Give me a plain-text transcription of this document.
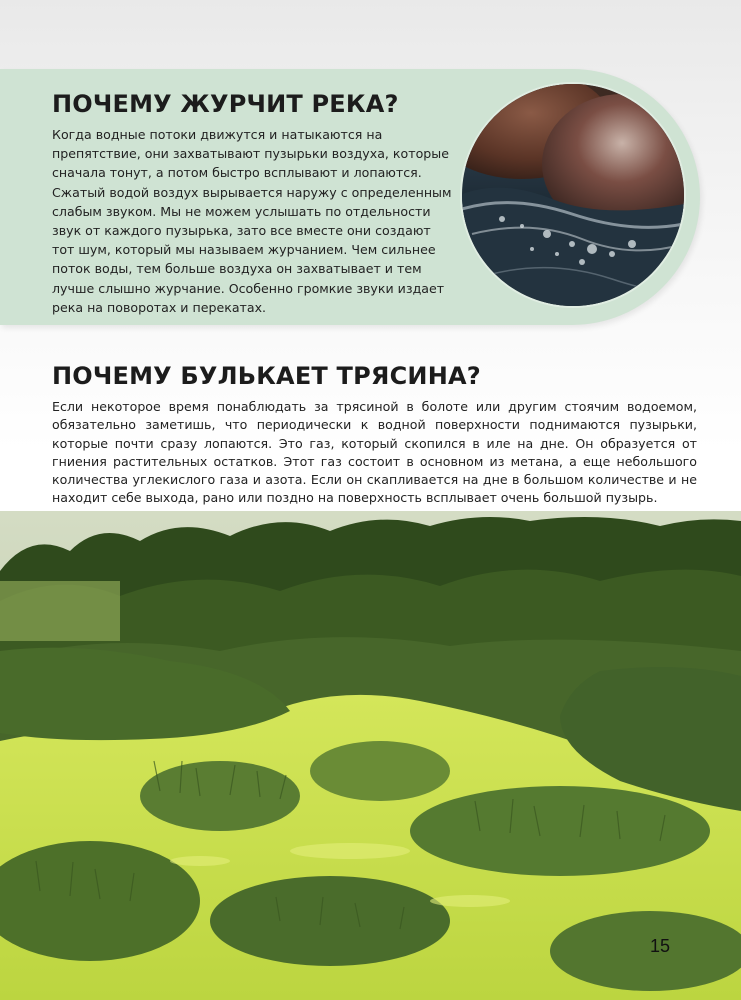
ПОЧЕМУ ЖУРЧИТ РЕКА?

Когда водные потоки движутся и натыкаются на препятствие, они захватывают пузырьки воздуха, которые сначала тонут, а потом быстро всплывают и лопаются. Сжатый водой воздух вырывается наружу с определенным слабым звуком. Мы не можем услышать по отдельности звук от каждого пузырька, зато все вместе они создают тот шум, который мы называем журчанием. Чем сильнее поток воды, тем больше воздуха он захватывает и тем лучше слышно журчание. Особенно громкие звуки издает река на поворотах и перекатах.

ПОЧЕМУ БУЛЬКАЕТ ТРЯСИНА?

Если некоторое время понаблюдать за трясиной в болоте или другим стоячим водоемом, обязательно заметишь, что периодически к водной поверхности поднимаются пузырьки, которые почти сразу лопаются. Это газ, который скопился в иле на дне. Он образуется от гниения растительных остатков. Этот газ состоит в основном из метана, а еще небольшого количества углекислого газа и азота. Если он скапливается на дне в большом количестве и не находит себе выхода, рано или поздно на поверхность всплывает очень большой пузырь.

15
